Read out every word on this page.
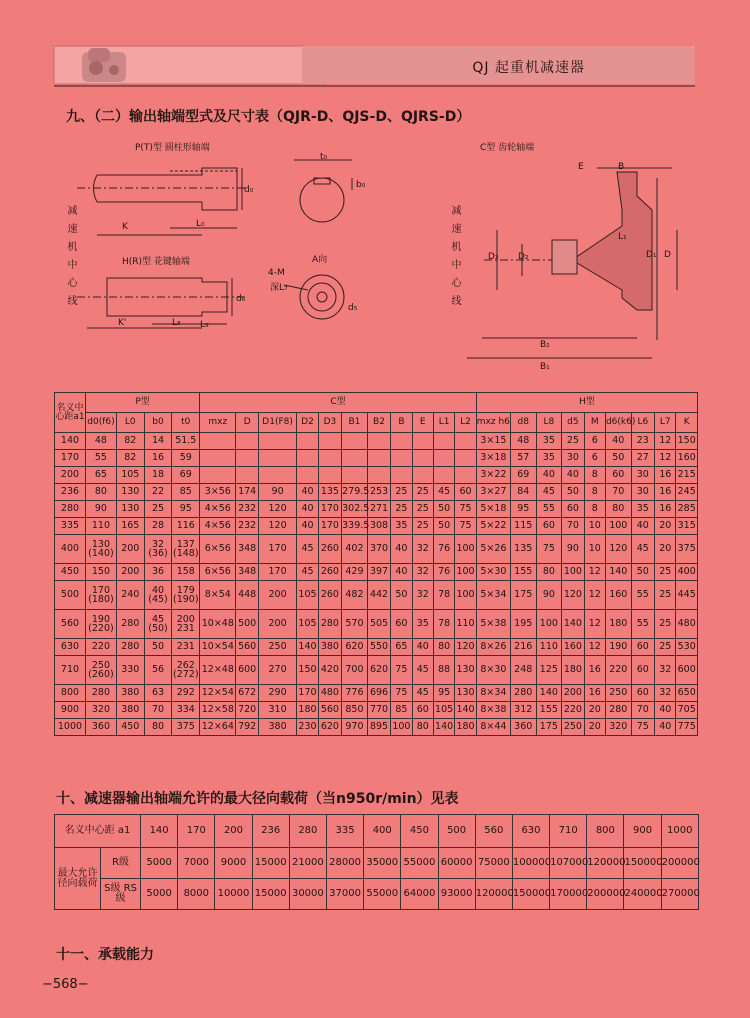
QJ 起重机减速器
九、（二）输出轴端型式及尺寸表（QJR-D、QJS-D、QJRS-D）
P(T)型 圆柱形轴端
H(R)型 花键轴端
C型 齿轮轴端
A向
减速机中心线	减速机中心线
t₀
b₀
d₀
K	L₀
K'	L₈ L₉
d₆
4-M
深L₇
d₅
E	B
L₁
D₁ D
D₂
D₃
B₂
B₁
名义中心距a1	P型				C型											H型								
	d0(f6)	L0	b0	t0	mxz	D	D1(F8)	D2	D3	B1	B2	B	E	L1	L2	mxz h6	d8	L8	d5	M	d6(k6)	L6	L7	K
140	48	82	14	51.5												3×15	48	35	25	6	40	23	12	150
170	55	82	16	59												3×18	57	35	30	6	50	27	12	160
200	65	105	18	69												3×22	69	40	40	8	60	30	16	215
236	80	130	22	85	3×56	174	90	40	135	279.5	253	25	25	45	60	3×27	84	45	50	8	70	30	16	245
280	90	130	25	95	4×56	232	120	40	170	302.5	271	25	25	50	75	5×18	95	55	60	8	80	35	16	285
335	110	165	28	116	4×56	232	120	40	170	339.5	308	35	25	50	75	5×22	115	60	70	10	100	40	20	315
400	130
(140)	200	32
(36)	137
(148)	6×56	348	170	45	260	402	370	40	32	76	100	5×26	135	75	90	10	120	45	20	375
450	150	200	36	158	6×56	348	170	45	260	429	397	40	32	76	100	5×30	155	80	100	12	140	50	25	400
500	170
(180)	240	40
(45)	179
(190)	8×54	448	200	105	260	482	442	50	32	78	100	5×34	175	90	120	12	160	55	25	445
560	190
(220)	280	45
(50)	200
231	10×48	500	200	105	280	570	505	60	35	78	110	5×38	195	100	140	12	180	55	25	480
630	220	280	50	231	10×54	560	250	140	380	620	550	65	40	80	120	8×26	216	110	160	12	190	60	25	530
710	250
(260)	330	56	262
(272)	12×48	600	270	150	420	700	620	75	45	88	130	8×30	248	125	180	16	220	60	32	600
800	280	380	63	292	12×54	672	290	170	480	776	696	75	45	95	130	8×34	280	140	200	16	250	60	32	650
900	320	380	70	334	12×58	720	310	180	560	850	770	85	60	105	140	8×38	312	155	220	20	280	70	40	705
1000	360	450	80	375	12×64	792	380	230	620	970	895	100	80	140	180	8×44	360	175	250	20	320	75	40	775
十、减速器输出轴端允许的最大径向载荷（当n950r/min）见表
名义中心距 a1		140	170	200	236	280	335	400	450	500	560	630	710	800	900	1000
最大允许径向载荷	R级	5000	7000	9000	15000	21000	28000	35000	55000	60000	75000	100000	107000	120000	150000	200000
	S级 RS级	5000	8000	10000	15000	30000	37000	55000	64000	93000	120000	150000	170000	200000	240000	270000
十一、承载能力
−568−
